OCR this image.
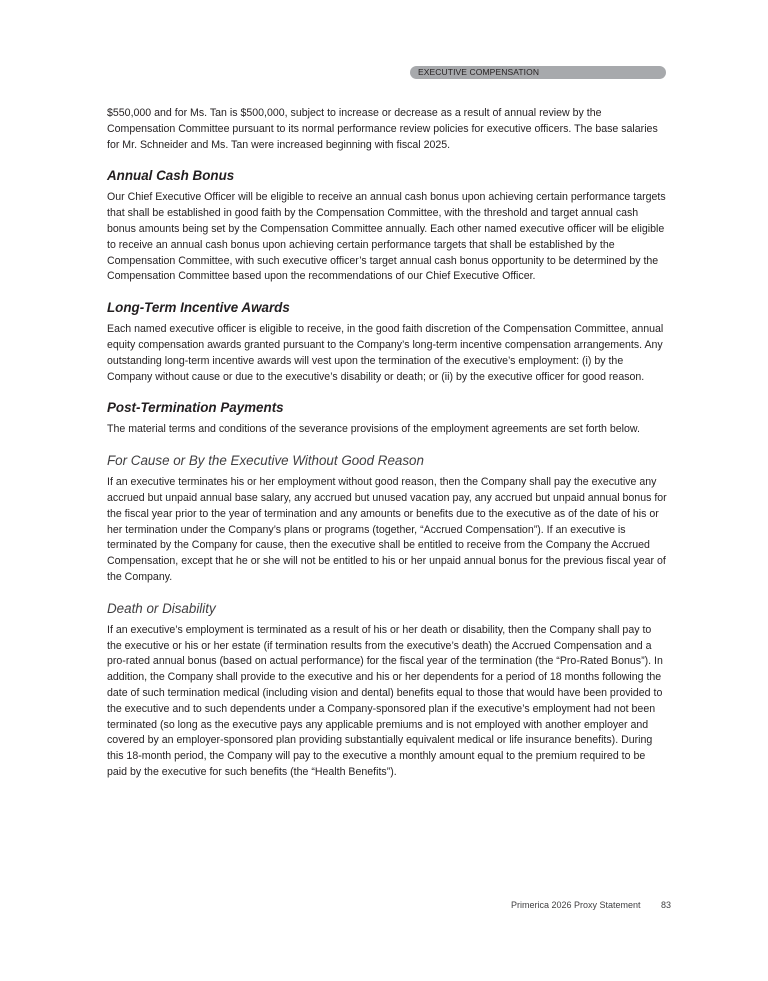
EXECUTIVE COMPENSATION

$550,000 and for Ms. Tan is $500,000, subject to increase or decrease as a result of annual review by the Compensation Committee pursuant to its normal performance review policies for executive officers. The base salaries for Mr. Schneider and Ms. Tan were increased beginning with fiscal 2025.

Annual Cash Bonus

Our Chief Executive Officer will be eligible to receive an annual cash bonus upon achieving certain performance targets that shall be established in good faith by the Compensation Committee, with the threshold and target annual cash bonus amounts being set by the Compensation Committee annually. Each other named executive officer will be eligible to receive an annual cash bonus upon achieving certain performance targets that shall be established by the Compensation Committee, with such executive officer’s target annual cash bonus opportunity to be determined by the Compensation Committee based upon the recommendations of our Chief Executive Officer.

Long-Term Incentive Awards

Each named executive officer is eligible to receive, in the good faith discretion of the Compensation Committee, annual equity compensation awards granted pursuant to the Company’s long-term incentive compensation arrangements. Any outstanding long-term incentive awards will vest upon the termination of the executive’s employment: (i) by the Company without cause or due to the executive’s disability or death; or (ii) by the executive officer for good reason.

Post-Termination Payments

The material terms and conditions of the severance provisions of the employment agreements are set forth below.

For Cause or By the Executive Without Good Reason

If an executive terminates his or her employment without good reason, then the Company shall pay the executive any accrued but unpaid annual base salary, any accrued but unused vacation pay, any accrued but unpaid annual bonus for the fiscal year prior to the year of termination and any amounts or benefits due to the executive as of the date of his or her termination under the Company’s plans or programs (together, “Accrued Compensation”). If an executive is terminated by the Company for cause, then the executive shall be entitled to receive from the Company the Accrued Compensation, except that he or she will not be entitled to his or her unpaid annual bonus for the previous fiscal year of the Company.

Death or Disability

If an executive’s employment is terminated as a result of his or her death or disability, then the Company shall pay to the executive or his or her estate (if termination results from the executive’s death) the Accrued Compensation and a pro-rated annual bonus (based on actual performance) for the fiscal year of the termination (the “Pro-Rated Bonus”). In addition, the Company shall provide to the executive and his or her dependents for a period of 18 months following the date of such termination medical (including vision and dental) benefits equal to those that would have been provided to the executive and to such dependents under a Company-sponsored plan if the executive’s employment had not been terminated (so long as the executive pays any applicable premiums and is not employed with another employer and covered by an employer-sponsored plan providing substantially equivalent medical or life insurance benefits). During this 18-month period, the Company will pay to the executive a monthly amount equal to the premium required to be paid by the executive for such benefits (the “Health Benefits”).

Primerica 2026 Proxy Statement 83
